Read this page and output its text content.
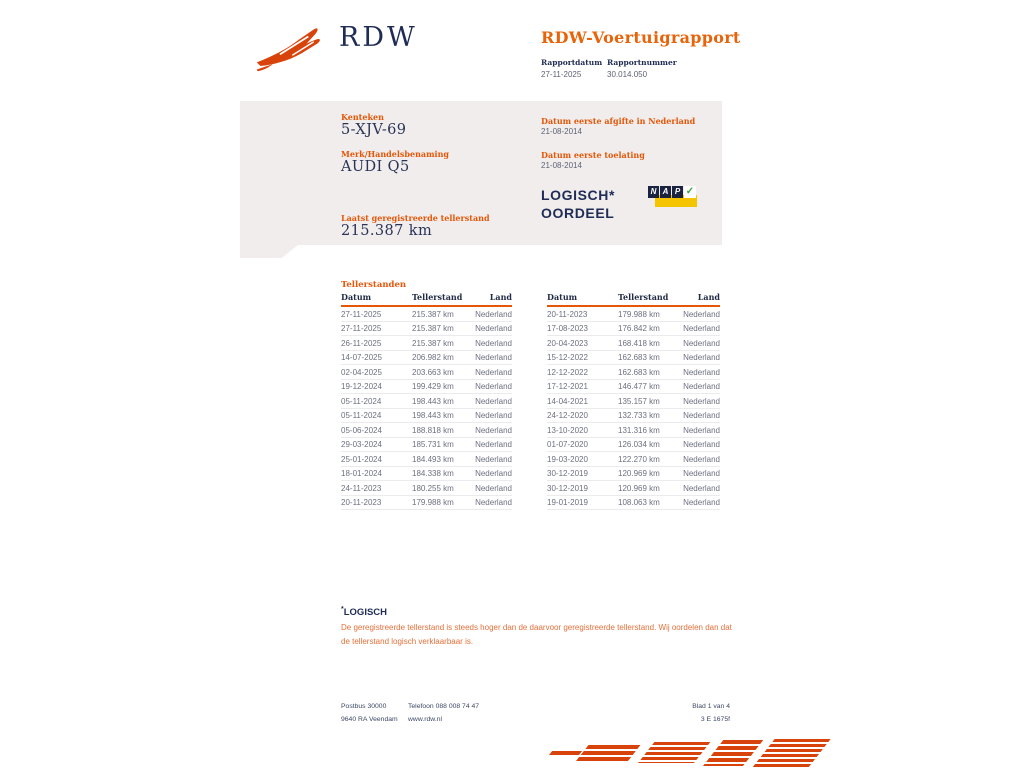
RDW	RDW-Voertuigrapport
Rapportdatum Rapportnummer
27-11-2025	30.014.050
Kenteken
5-XJV-69
Merk/Handelsbenaming
AUDI Q5
Laatst geregistreerde tellerstand
215.387 km
Datum eerste afgifte in Nederland
21-08-2014
Datum eerste toelating
21-08-2014
LOGISCH*
OORDEEL
N A P ✓
Tellerstanden
Datum	Tellerstand	Land
27-11-2025	215.387 km	Nederland
27-11-2025	215.387 km	Nederland
26-11-2025	215.387 km	Nederland
14-07-2025	206.982 km	Nederland
02-04-2025	203.663 km	Nederland
19-12-2024	199.429 km	Nederland
05-11-2024	198.443 km	Nederland
05-11-2024	198.443 km	Nederland
05-06-2024	188.818 km	Nederland
29-03-2024	185.731 km	Nederland
25-01-2024	184.493 km	Nederland
18-01-2024	184.338 km	Nederland
24-11-2023	180.255 km	Nederland
20-11-2023	179.988 km	Nederland
Datum	Tellerstand	Land
20-11-2023	179.988 km	Nederland
17-08-2023	176.842 km	Nederland
20-04-2023	168.418 km	Nederland
15-12-2022	162.683 km	Nederland
12-12-2022	162.683 km	Nederland
17-12-2021	146.477 km	Nederland
14-04-2021	135.157 km	Nederland
24-12-2020	132.733 km	Nederland
13-10-2020	131.316 km	Nederland
01-07-2020	126.034 km	Nederland
19-03-2020	122.270 km	Nederland
30-12-2019	120.969 km	Nederland
30-12-2019	120.969 km	Nederland
19-01-2019	108.063 km	Nederland
*LOGISCH
De geregistreerde tellerstand is steeds hoger dan de daarvoor geregistreerde tellerstand. Wij oordelen dan dat de tellerstand logisch verklaarbaar is.
Postbus 30000
9640 RA Veendam
Telefoon 088 008 74 47
www.rdw.nl
Blad 1 van 4
3 E 1675f
